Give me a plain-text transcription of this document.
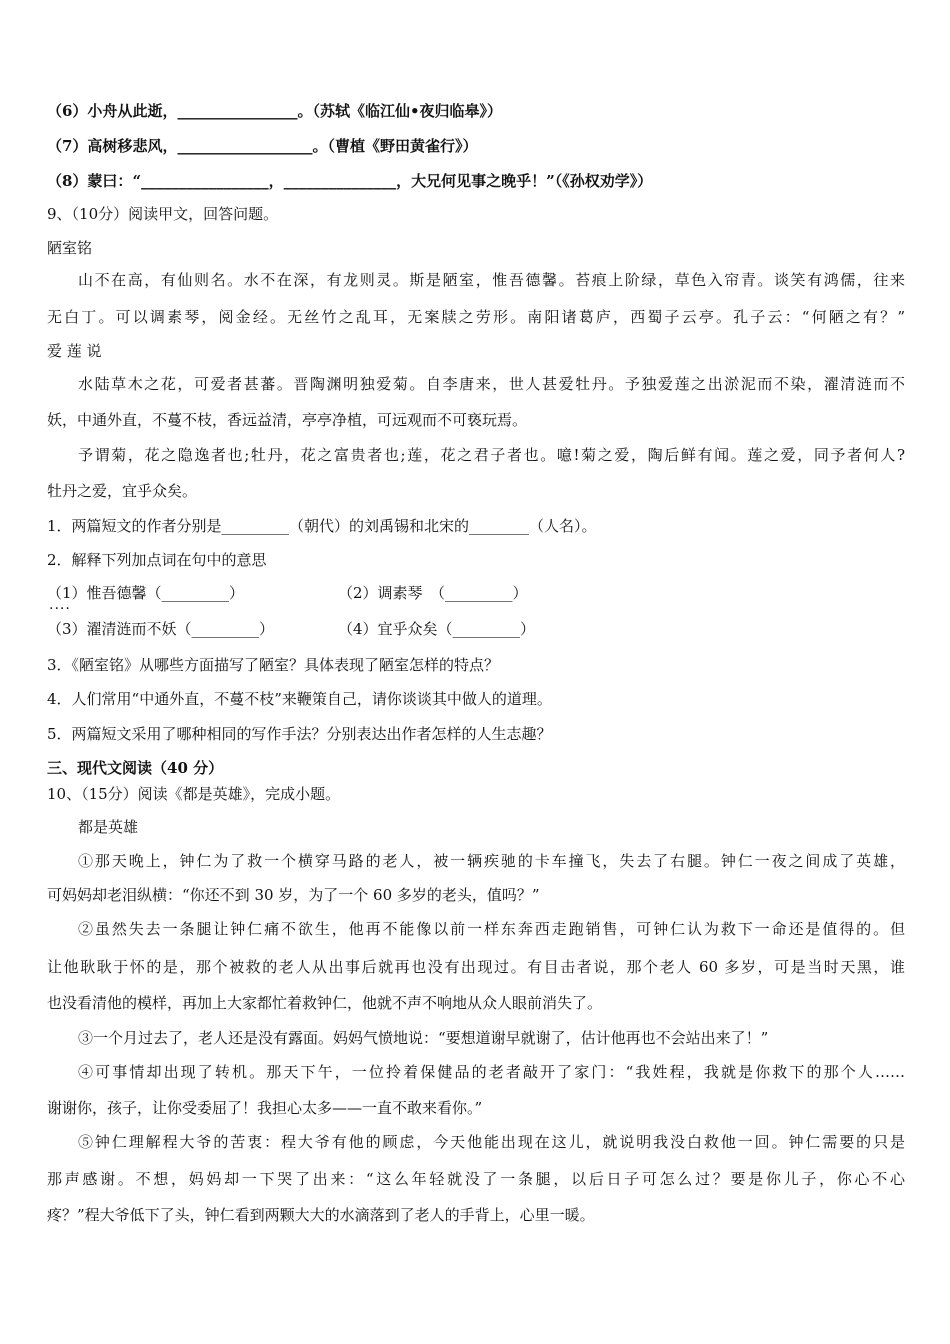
（6）小舟从此逝，________________。（苏轼《临江仙•夜归临皋》）
（7）高树移悲风，__________________。（曹植《野田黄雀行》）
（8）蒙曰：“_________________，_______________，大兄何见事之晚乎！”（《孙权劝学》）
9、（10分）阅读甲文，回答问题。
陋室铭
山不在高，有仙则名。水不在深，有龙则灵。斯是陋室，惟吾德馨。苔痕上阶绿，草色入帘青。谈笑有鸿儒，往来
无白丁。可以调素琴，阅金经。无丝竹之乱耳，无案牍之劳形。南阳诸葛庐，西蜀子云亭。孔子云：“何陋之有？”
爱 莲 说
水陆草木之花，可爱者甚蕃。晋陶渊明独爱菊。自李唐来，世人甚爱牡丹。予独爱莲之出淤泥而不染，濯清涟而不
妖，中通外直，不蔓不枝，香远益清，亭亭净植，可远观而不可亵玩焉。
予谓菊，花之隐逸者也;牡丹，花之富贵者也;莲，花之君子者也。噫!菊之爱，陶后鲜有闻。莲之爱，同予者何人?
牡丹之爱，宜乎众矣。
1．两篇短文的作者分别是_________（朝代）的刘禹锡和北宋的________（人名）。
2．解释下列加点词在句中的意思
（1）惟吾德馨 ....（_________）	（2）调素琴　（_________）
（3）濯清涟而不妖（_________）	（4）宜乎众矣（_________）
3．《陋室铭》从哪些方面描写了陋室？具体表现了陋室怎样的特点？
4．人们常用“中通外直，不蔓不枝”来鞭策自己，请你谈谈其中做人的道理。
5．两篇短文采用了哪种相同的写作手法？分别表达出作者怎样的人生志趣？
三、现代文阅读（40 分）
10、（15分）阅读《都是英雄》，完成小题。
都是英雄
①那天晚上，钟仁为了救一个横穿马路的老人，被一辆疾驰的卡车撞飞，失去了右腿。钟仁一夜之间成了英雄，
可妈妈却老泪纵横：“你还不到 30 岁，为了一个 60 多岁的老头，值吗？”
②虽然失去一条腿让钟仁痛不欲生，他再不能像以前一样东奔西走跑销售，可钟仁认为救下一命还是值得的。但
让他耿耿于怀的是，那个被救的老人从出事后就再也没有出现过。有目击者说，那个老人 60 多岁，可是当时天黑，谁
也没看清他的模样，再加上大家都忙着救钟仁，他就不声不响地从众人眼前消失了。
③一个月过去了，老人还是没有露面。妈妈气愤地说：“要想道谢早就谢了，估计他再也不会站出来了！”
④可事情却出现了转机。那天下午，一位拎着保健品的老者敲开了家门：“我姓程，我就是你救下的那个人……
谢谢你，孩子，让你受委屈了！我担心太多——一直不敢来看你。”
⑤钟仁理解程大爷的苦衷：程大爷有他的顾虑，今天他能出现在这儿，就说明我没白救他一回。钟仁需要的只是
那声感谢。不想，妈妈却一下哭了出来：“这么年轻就没了一条腿，以后日子可怎么过？要是你儿子，你心不心
疼？”程大爷低下了头，钟仁看到两颗大大的水滴落到了老人的手背上，心里一暖。
